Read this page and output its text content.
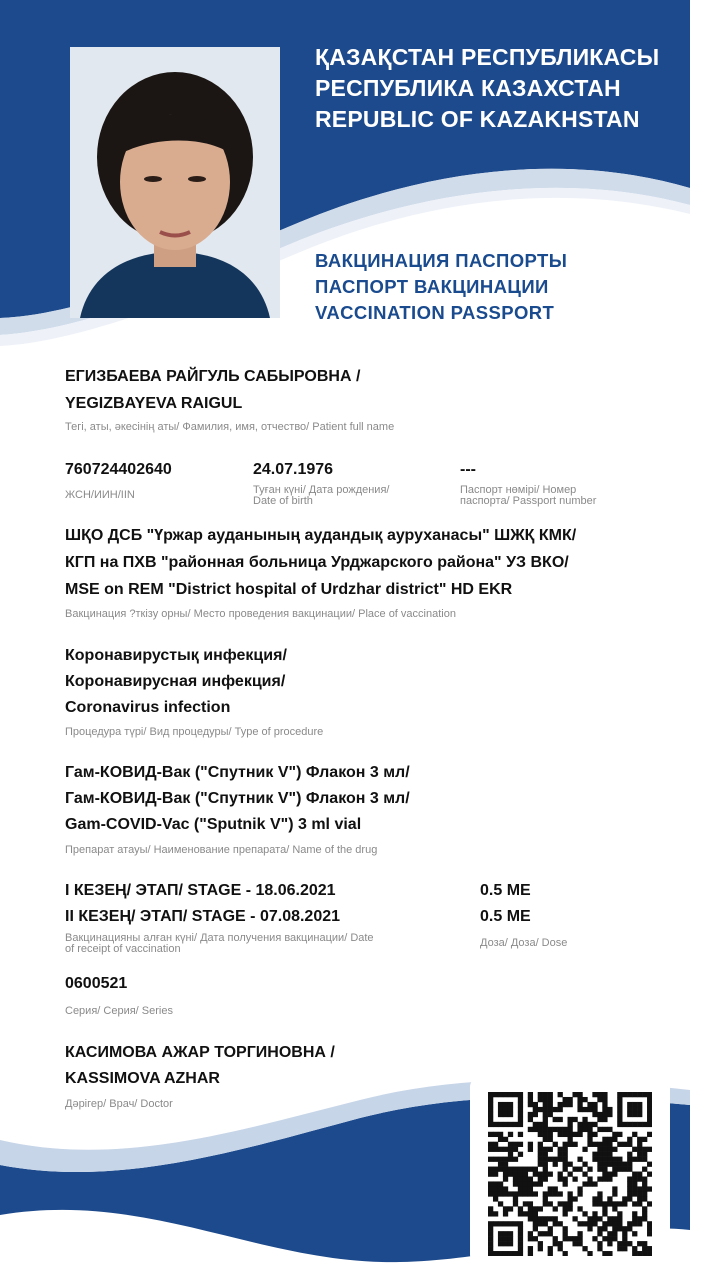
ҚАЗАҚСТАН РЕСПУБЛИКАСЫ
РЕСПУБЛИКА КАЗАХСТАН
REPUBLIC OF KAZAKHSTAN
ВАКЦИНАЦИЯ ПАСПОРТЫ
ПАСПОРТ ВАКЦИНАЦИИ
VACCINATION PASSPORT
ЕГИЗБАЕВА РАЙГУЛЬ САБЫРОВНА /
YEGIZBAYEVA RAIGUL
Тегі, аты, әкесінің аты/ Фамилия, имя, отчество/ Patient full name
760724402640
ЖСН/ИИН/IIN
24.07.1976
Туған күні/ Дата рождения/
Date of birth
---
Паспорт нөмірі/ Номер
паспорта/ Passport number
ШҚО ДСБ "Үржар ауданының аудандық ауруханасы" ШЖҚ КМК/
КГП на ПХВ "районная больница Урджарского района" УЗ ВКО/
MSE on REM "District hospital of Urdzhar district" HD EKR
Вакцинация ?ткізу орны/ Место проведения вакцинации/ Place of vaccination
Коронавирустық инфекция/
Коронавирусная инфекция/
Coronavirus infection
Процедура түрі/ Вид процедуры/ Type of procedure
Гам-КОВИД-Вак ("Спутник V") Флакон 3 мл/
Гам-КОВИД-Вак ("Спутник V") Флакон 3 мл/
Gam-COVID-Vac ("Sputnik V") 3 ml vial
Препарат атауы/ Наименование препарата/ Name of the drug
I КЕЗЕҢ/ ЭТАП/ STAGE - 18.06.2021
II КЕЗЕҢ/ ЭТАП/ STAGE - 07.08.2021
Вакцинацияны алған күні/ Дата получения вакцинации/ Date
of receipt of vaccination
0.5 МЕ
0.5 МЕ
Доза/ Доза/ Dose
0600521
Серия/ Серия/ Series
КАСИМОВА АЖАР ТОРГИНОВНА /
KASSIMOVA AZHAR
Дәрігер/ Врач/ Doctor
